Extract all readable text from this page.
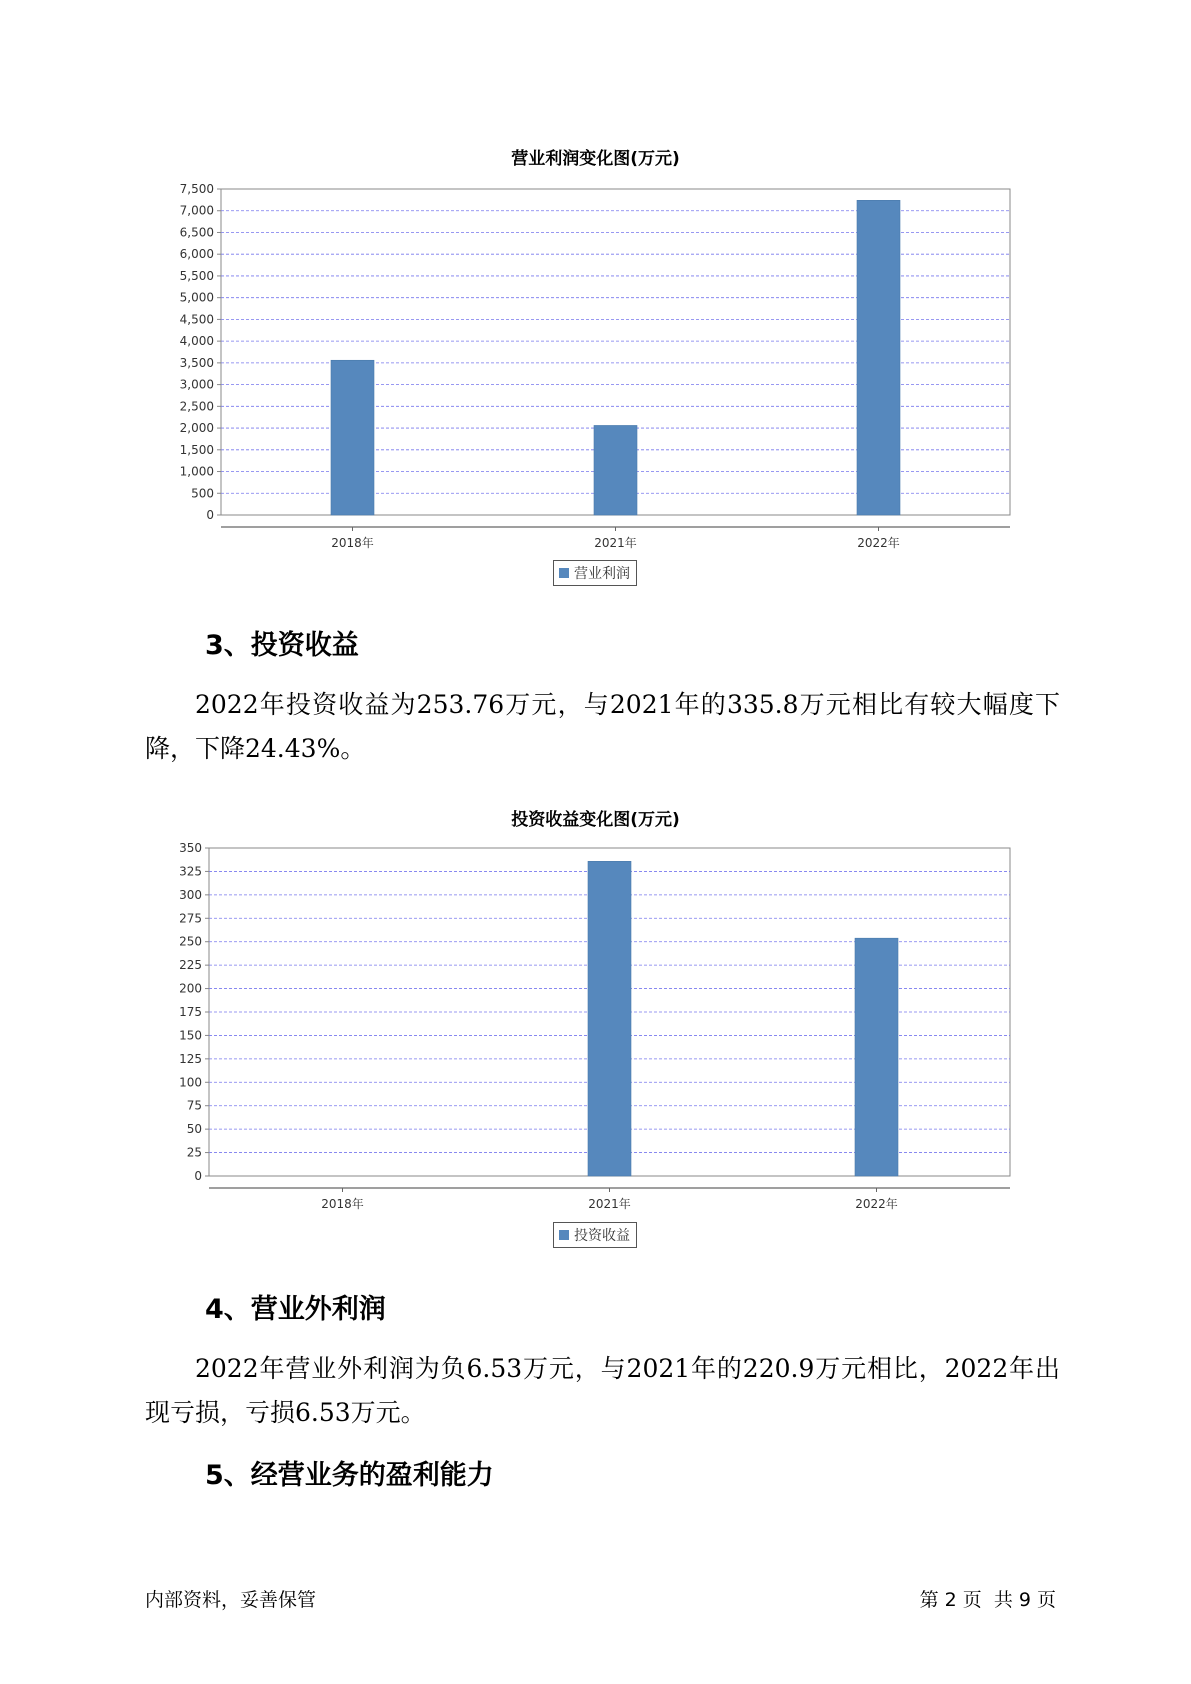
营业利润变化图(万元)
0
500
1,000
1,500
2,000
2,500
3,000
3,500
4,000
4,500
5,000
5,500
6,000
6,500
7,000
7,500
2018年	2021年	2022年
营业利润
3、投资收益
2022年投资收益为253.76万元，与2021年的335.8万元相比有较大幅度下降，下降24.43%。
投资收益变化图(万元)
0
25
50
75
100
125
150
175
200
225
250
275
300
325
350
2018年	2021年	2022年
投资收益
4、营业外利润
2022年营业外利润为负6.53万元，与2021年的220.9万元相比，2022年出现亏损，亏损6.53万元。
5、经营业务的盈利能力
内部资料，妥善保管	第 2 页  共 9 页
